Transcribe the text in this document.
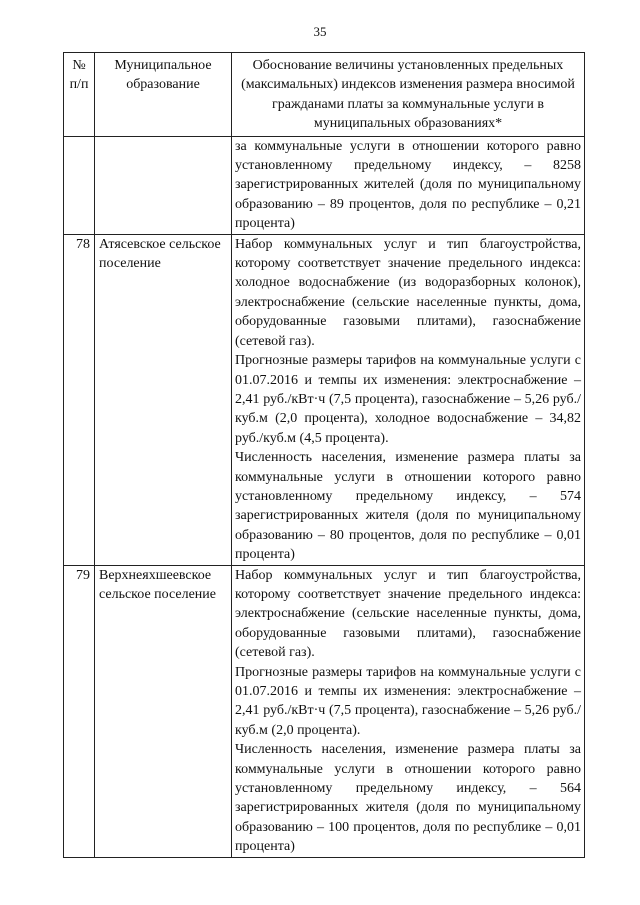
35
№ п/п	Муниципальное образование	Обоснование величины установленных предельных (максимальных) индексов изменения размера вносимой гражданами платы за коммунальные услуги в муниципальных образованиях*

		за коммунальные услуги в отношении которого равно установленному предельному индексу, – 8258 зарегистрированных жителей (доля по муниципальному образованию – 89 процентов, доля по республике – 0,21 процента)

78	Атясевское сельское поселение	Набор коммунальных услуг и тип благоустройства, которому соответствует значение предельного индекса: холодное водоснабжение (из водоразборных колонок), электроснабжение (сельские населенные пункты, дома, оборудованные газовыми плитами), газоснабжение (сетевой газ).

Прогнозные размеры тарифов на коммунальные услуги с 01.07.2016 и темпы их изменения: электроснабжение – 2,41 руб./кВт·ч (7,5 процента), газоснабжение – 5,26 руб./куб.м (2,0 процента), холодное водоснабжение – 34,82 руб./куб.м (4,5 процента).

Численность населения, изменение размера платы за коммунальные услуги в отношении которого равно установленному предельному индексу, – 574 зарегистрированных жителя (доля по муниципальному образованию – 80 процентов, доля по республике – 0,01 процента)

79	Верхнеяхшеевское сельское поселение	Набор коммунальных услуг и тип благоустройства, которому соответствует значение предельного индекса: электроснабжение (сельские населенные пункты, дома, оборудованные газовыми плитами), газоснабжение (сетевой газ).

Прогнозные размеры тарифов на коммунальные услуги с 01.07.2016 и темпы их изменения: электроснабжение – 2,41 руб./кВт·ч (7,5 процента), газоснабжение – 5,26 руб./куб.м (2,0 процента).

Численность населения, изменение размера платы за коммунальные услуги в отношении которого равно установленному предельному индексу, – 564 зарегистрированных жителя (доля по муниципальному образованию – 100 процентов, доля по республике – 0,01 процента)
